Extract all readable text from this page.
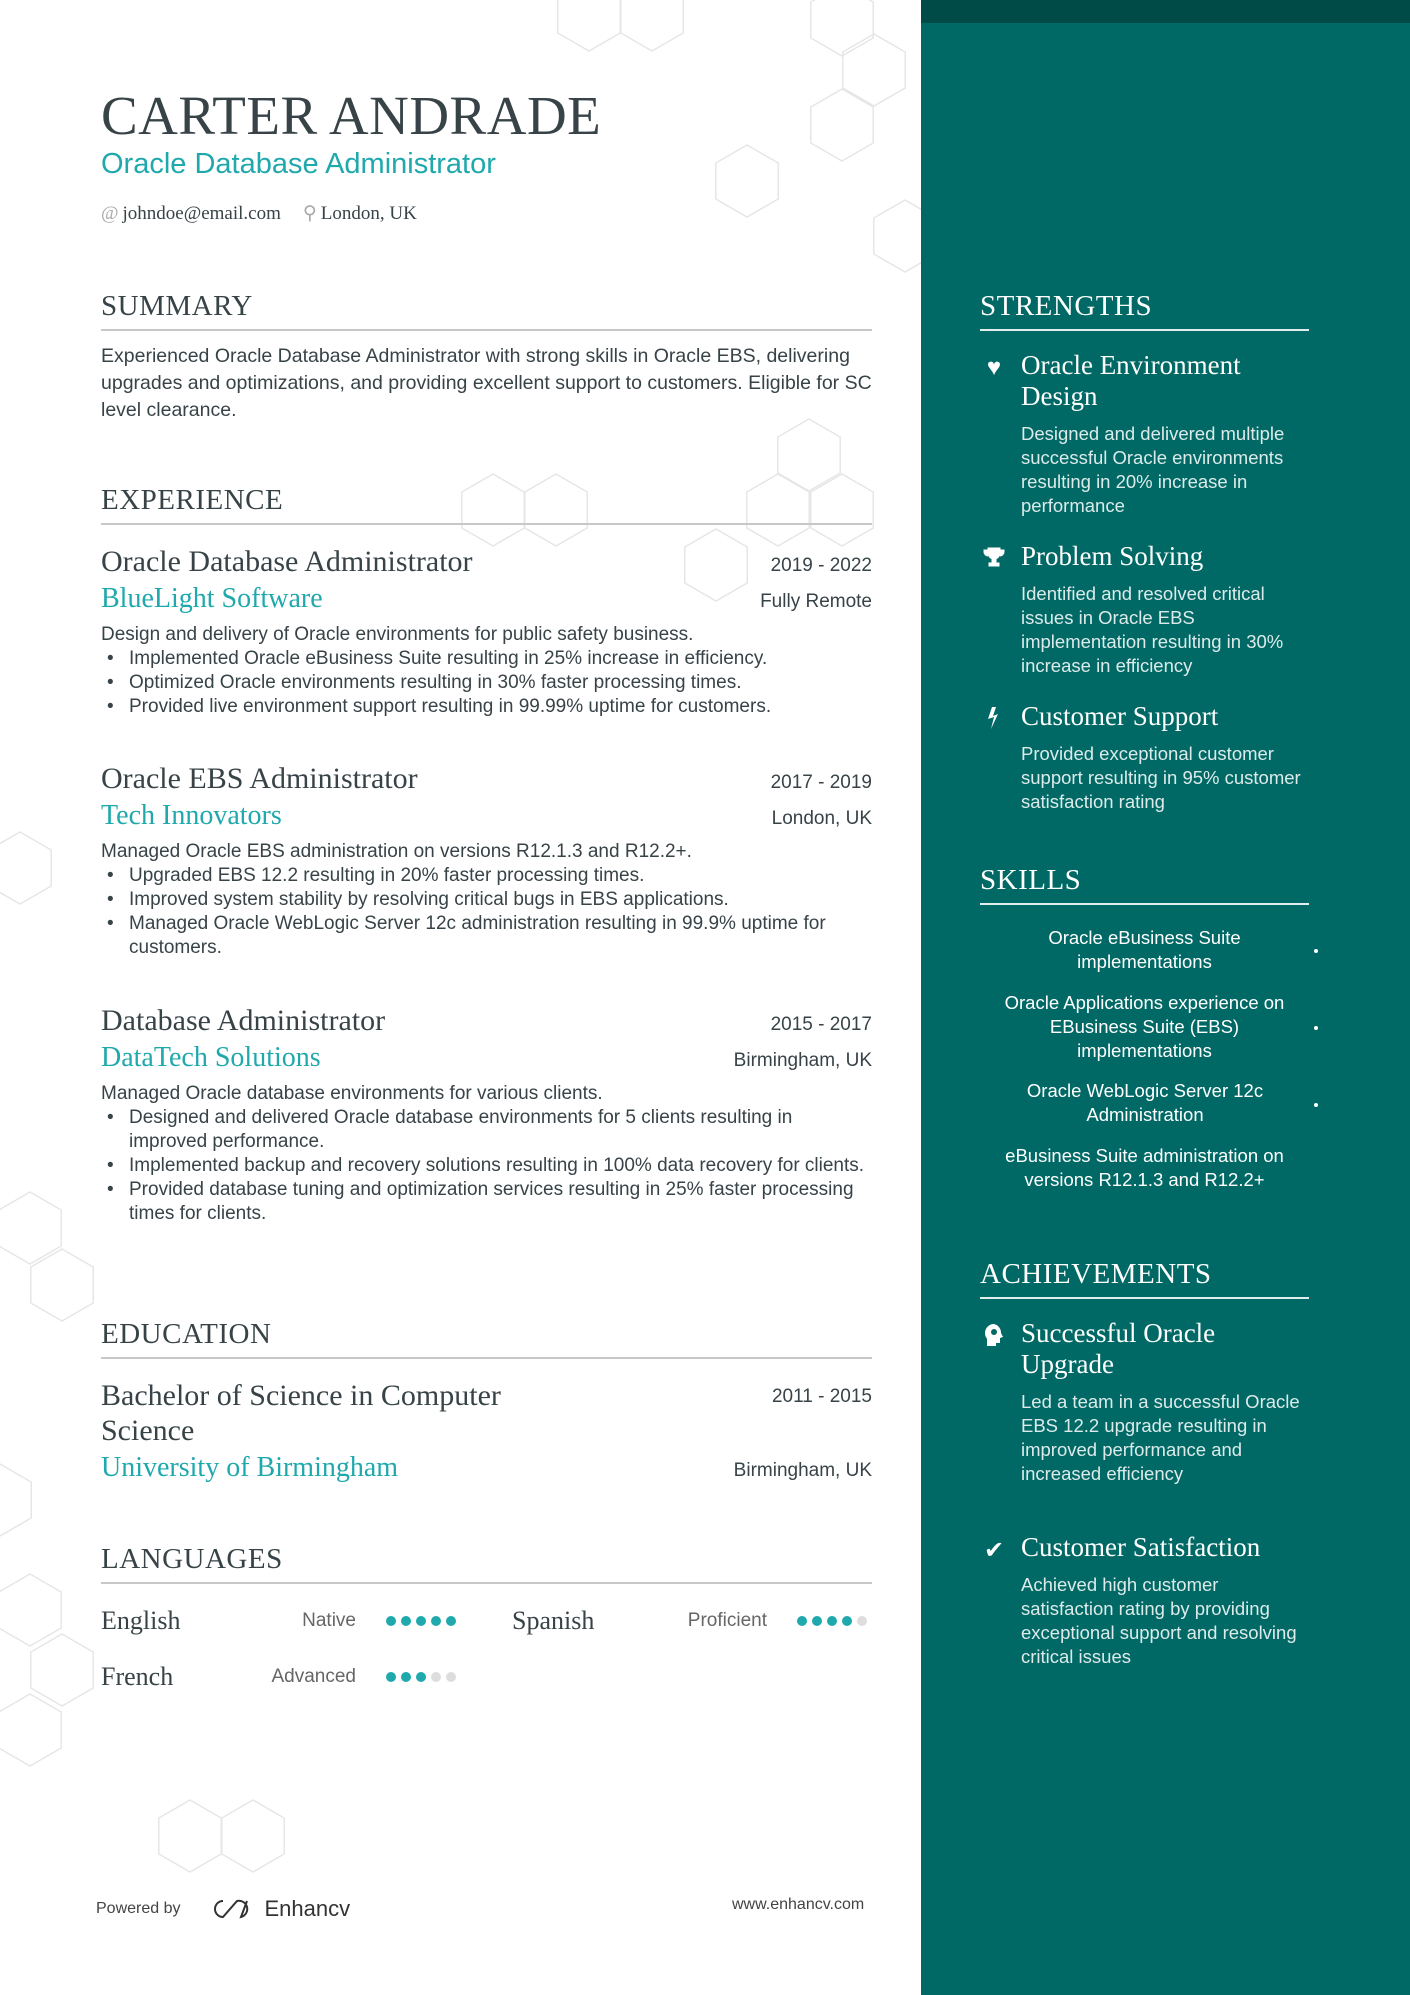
CARTER ANDRADE
Oracle Database Administrator
@ johndoe@email.com ⚲ London, UK
SUMMARY

Experienced Oracle Database Administrator with strong skills in Oracle EBS, delivering upgrades and optimizations, and providing excellent support to customers. Eligible for SC level clearance.

EXPERIENCE
Oracle Database Administrator	2019 - 2022
BlueLight Software	Fully Remote
Design and delivery of Oracle environments for public safety business.
• Implemented Oracle eBusiness Suite resulting in 25% increase in efficiency.
• Optimized Oracle environments resulting in 30% faster processing times.
• Provided live environment support resulting in 99.99% uptime for customers.
Oracle EBS Administrator	2017 - 2019
Tech Innovators	London, UK
Managed Oracle EBS administration on versions R12.1.3 and R12.2+.
• Upgraded EBS 12.2 resulting in 20% faster processing times.
• Improved system stability by resolving critical bugs in EBS applications.
• Managed Oracle WebLogic Server 12c administration resulting in 99.9% uptime for customers.
Database Administrator	2015 - 2017
DataTech Solutions	Birmingham, UK
Managed Oracle database environments for various clients.
• Designed and delivered Oracle database environments for 5 clients resulting in improved performance.
• Implemented backup and recovery solutions resulting in 100% data recovery for clients.
• Provided database tuning and optimization services resulting in 25% faster processing times for clients.
EDUCATION
Bachelor of Science in Computer Science
2011 - 2015
University of Birmingham	Birmingham, UK
LANGUAGES
English	Native	Spanish	Proficient
French	Advanced
Powered by	Enhancv	www.enhancv.com
STRENGTHS
♥ Oracle Environment Design
Designed and delivered multiple successful Oracle environments resulting in 20% increase in performance
Problem Solving
Identified and resolved critical issues in Oracle EBS implementation resulting in 30% increase in efficiency
Customer Support
Provided exceptional customer support resulting in 95% customer satisfaction rating
SKILLS
Oracle eBusiness Suite implementations
Oracle Applications experience on EBusiness Suite (EBS) implementations
Oracle WebLogic Server 12c Administration
eBusiness Suite administration on versions R12.1.3 and R12.2+
ACHIEVEMENTS
Successful Oracle Upgrade
Led a team in a successful Oracle EBS 12.2 upgrade resulting in improved performance and increased efficiency
✔ Customer Satisfaction
Achieved high customer satisfaction rating by providing exceptional support and resolving critical issues
